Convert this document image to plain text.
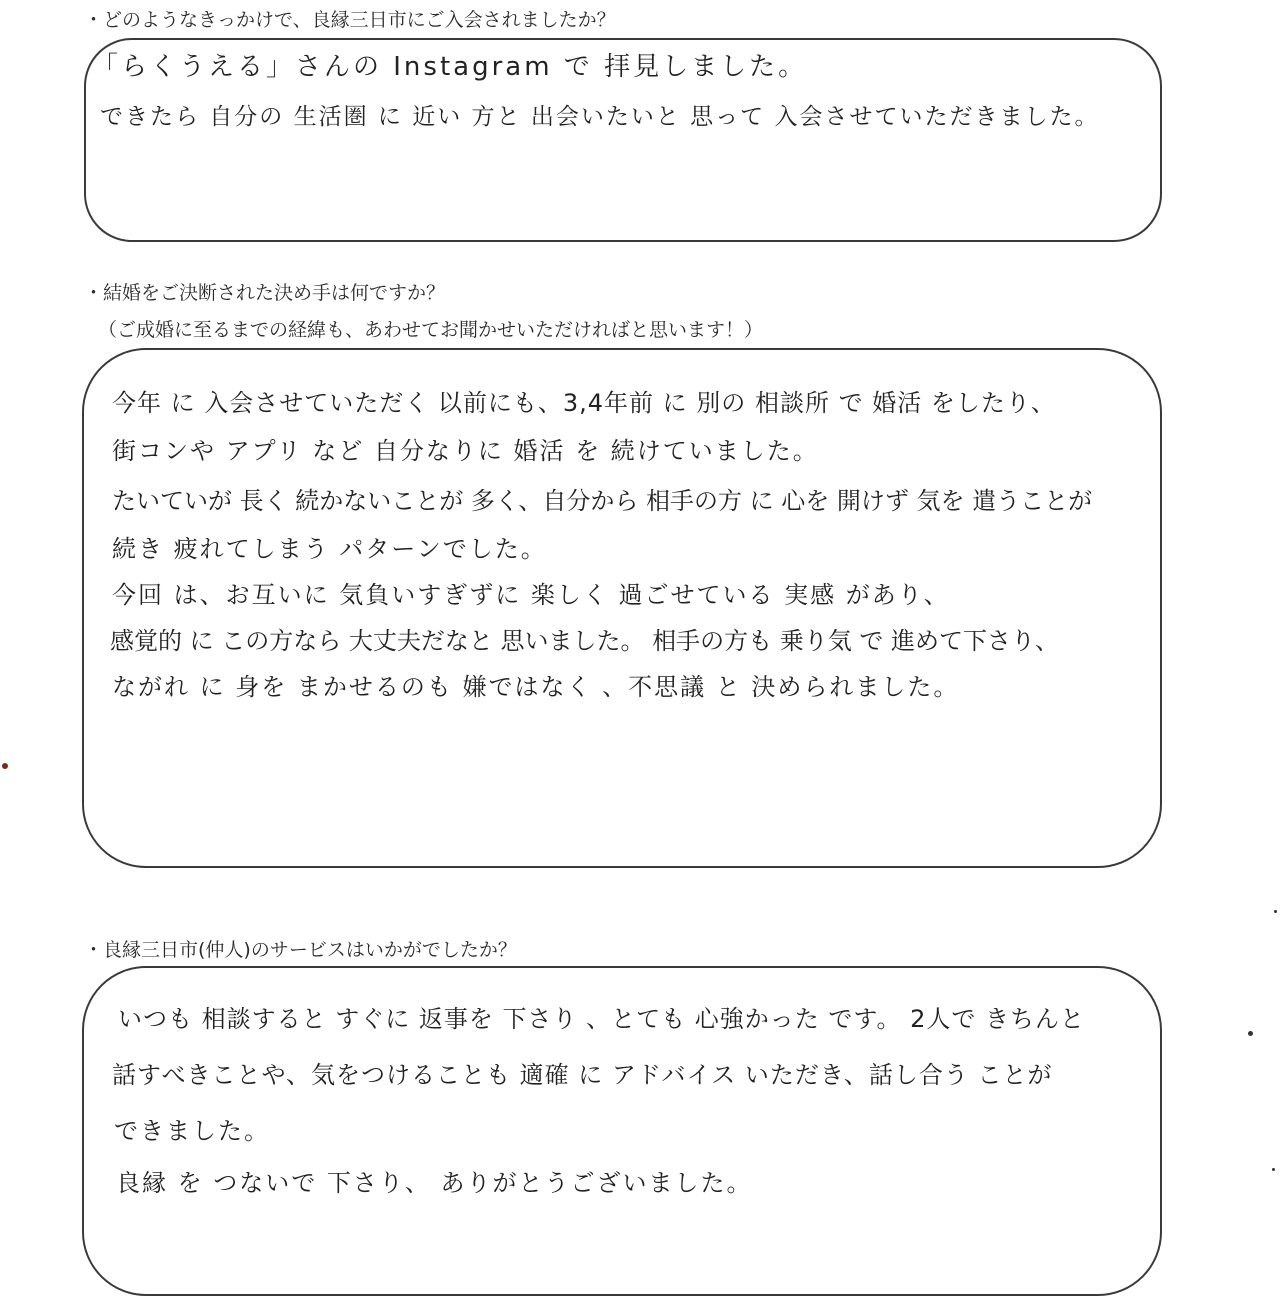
・どのようなきっかけで、良縁三日市にご入会されましたか？
「らくうえる」さんの Instagram で 拝見しました。
できたら 自分の 生活圏 に 近い 方と 出会いたいと 思って 入会させていただきました。
・結婚をご決断された決め手は何ですか？
（ご成婚に至るまでの経緯も、あわせてお聞かせいただければと思います！）
今年 に 入会させていただく 以前にも、3,4年前 に 別の 相談所 で 婚活 をしたり、
街コンや アプリ など 自分なりに 婚活 を 続けていました。
たいていが 長く 続かないことが 多く、自分から 相手の方 に 心を 開けず 気を 遣うことが
続き 疲れてしまう パターンでした。
今回 は、お互いに 気負いすぎずに 楽しく 過ごせている 実感 があり、
感覚的 に この方なら 大丈夫だなと 思いました。 相手の方も 乗り気 で 進めて下さり、
ながれ に 身を まかせるのも 嫌ではなく 、不思議 と 決められました。
・良縁三日市(仲人)のサービスはいかがでしたか？
いつも 相談すると すぐに 返事を 下さり 、とても 心強かった です。 2人で きちんと
話すべきことや、気をつけることも 適確 に アドバイス いただき、話し合う ことが
できました。
良縁 を つないで 下さり、 ありがとうございました。
